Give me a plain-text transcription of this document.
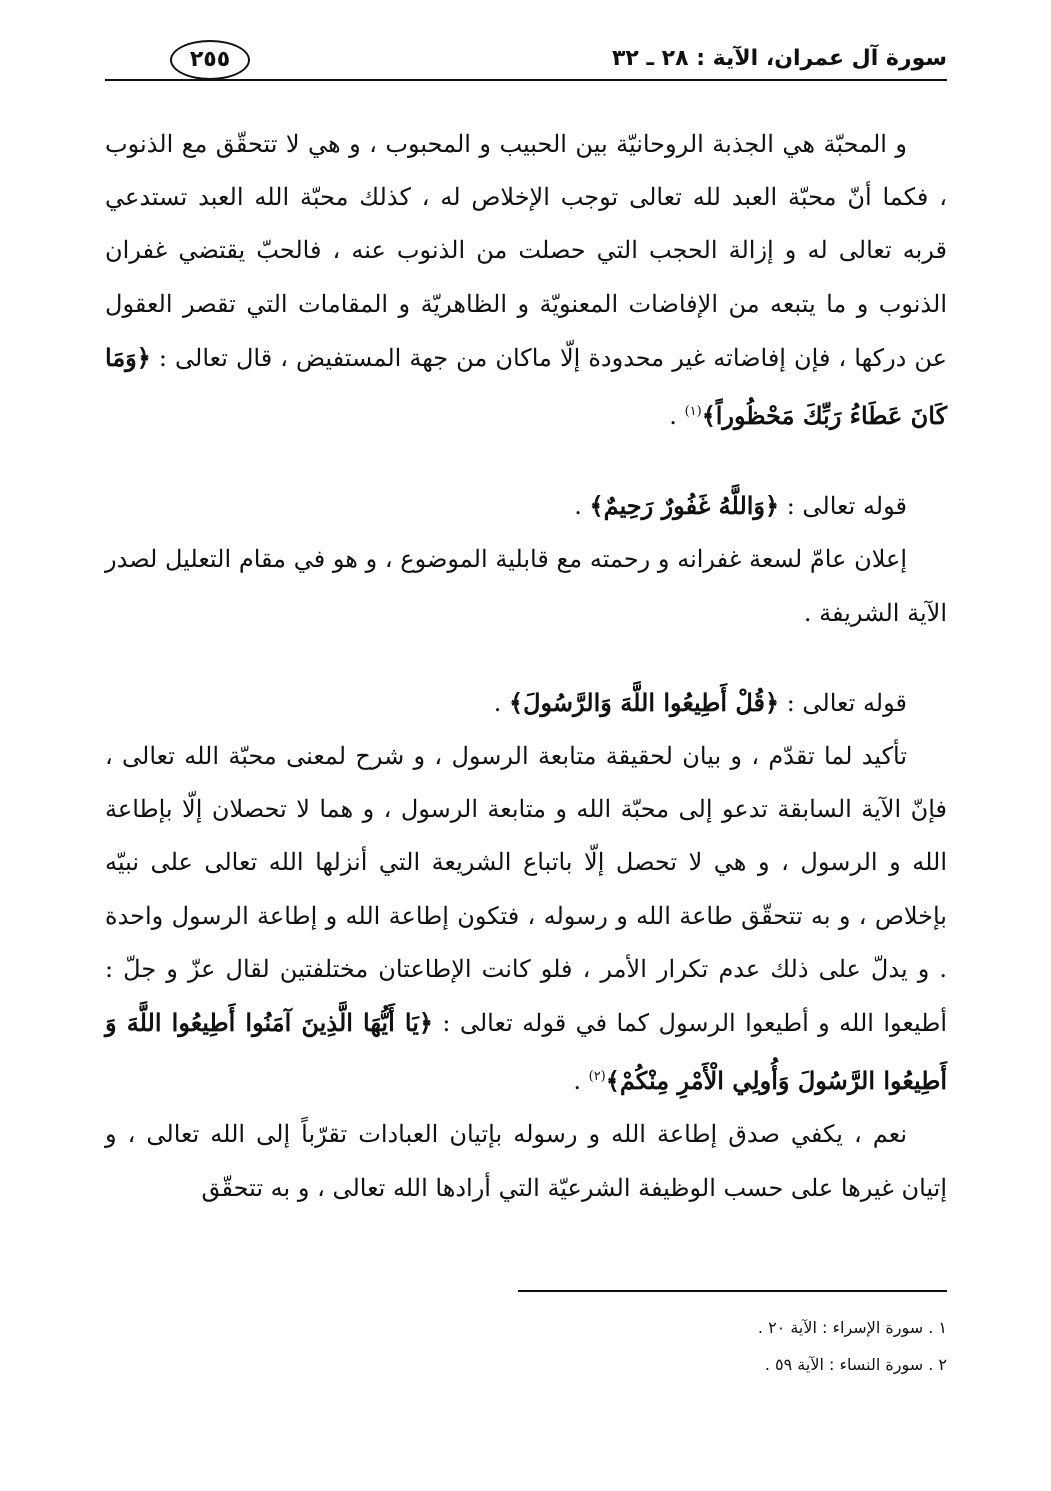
سورة آل عمران، الآية : ٢٨ ـ ٣٢
٢٥٥

و المحبّة هي الجذبة الروحانيّة بين الحبيب و المحبوب ، و هي لا تتحقّق مع الذنوب ، فكما أنّ محبّة العبد لله تعالى توجب الإخلاص له ، كذلك محبّة الله العبد تستدعي قربه تعالى له و إزالة الحجب التي حصلت من الذنوب عنه ، فالحبّ يقتضي غفران الذنوب و ما يتبعه من الإفاضات المعنويّة و الظاهريّة و المقامات التي تقصر العقول عن دركها ، فإن إفاضاته غير محدودة إلّا ماكان من جهة المستفيض ، قال تعالى : ﴿وَمَا كَانَ عَطَاءُ رَبِّكَ مَحْظُوراً﴾$^{(١)}$ .

قوله تعالى : ﴿وَاللَّهُ غَفُورٌ رَحِيمٌ﴾ .

إعلان عامّ لسعة غفرانه و رحمته مع قابلية الموضوع ، و هو في مقام التعليل لصدر الآية الشريفة .

قوله تعالى : ﴿قُلْ أَطِيعُوا اللَّهَ وَالرَّسُولَ﴾ .

تأكيد لما تقدّم ، و بيان لحقيقة متابعة الرسول ، و شرح لمعنى محبّة الله تعالى ، فإنّ الآية السابقة تدعو إلى محبّة الله و متابعة الرسول ، و هما لا تحصلان إلّا بإطاعة الله و الرسول ، و هي لا تحصل إلّا باتباع الشريعة التي أنزلها الله تعالى على نبيّه بإخلاص ، و به تتحقّق طاعة الله و رسوله ، فتكون إطاعة الله و إطاعة الرسول واحدة . و يدلّ على ذلك عدم تكرار الأمر ، فلو كانت الإطاعتان مختلفتين لقال عزّ و جلّ : أطيعوا الله و أطيعوا الرسول كما في قوله تعالى : ﴿يَا أَيُّهَا الَّذِينَ آمَنُوا أَطِيعُوا اللَّهَ وَ أَطِيعُوا الرَّسُولَ وَأُولِي الْأَمْرِ مِنْكُمْ﴾$^{(٢)}$ .

نعم ، يكفي صدق إطاعة الله و رسوله بإتيان العبادات تقرّباً إلى الله تعالى ، و إتيان غيرها على حسب الوظيفة الشرعيّة التي أرادها الله تعالى ، و به تتحقّق

١ . سورة الإسراء : الآية ٢٠ .
٢ . سورة النساء : الآية ٥٩ .
